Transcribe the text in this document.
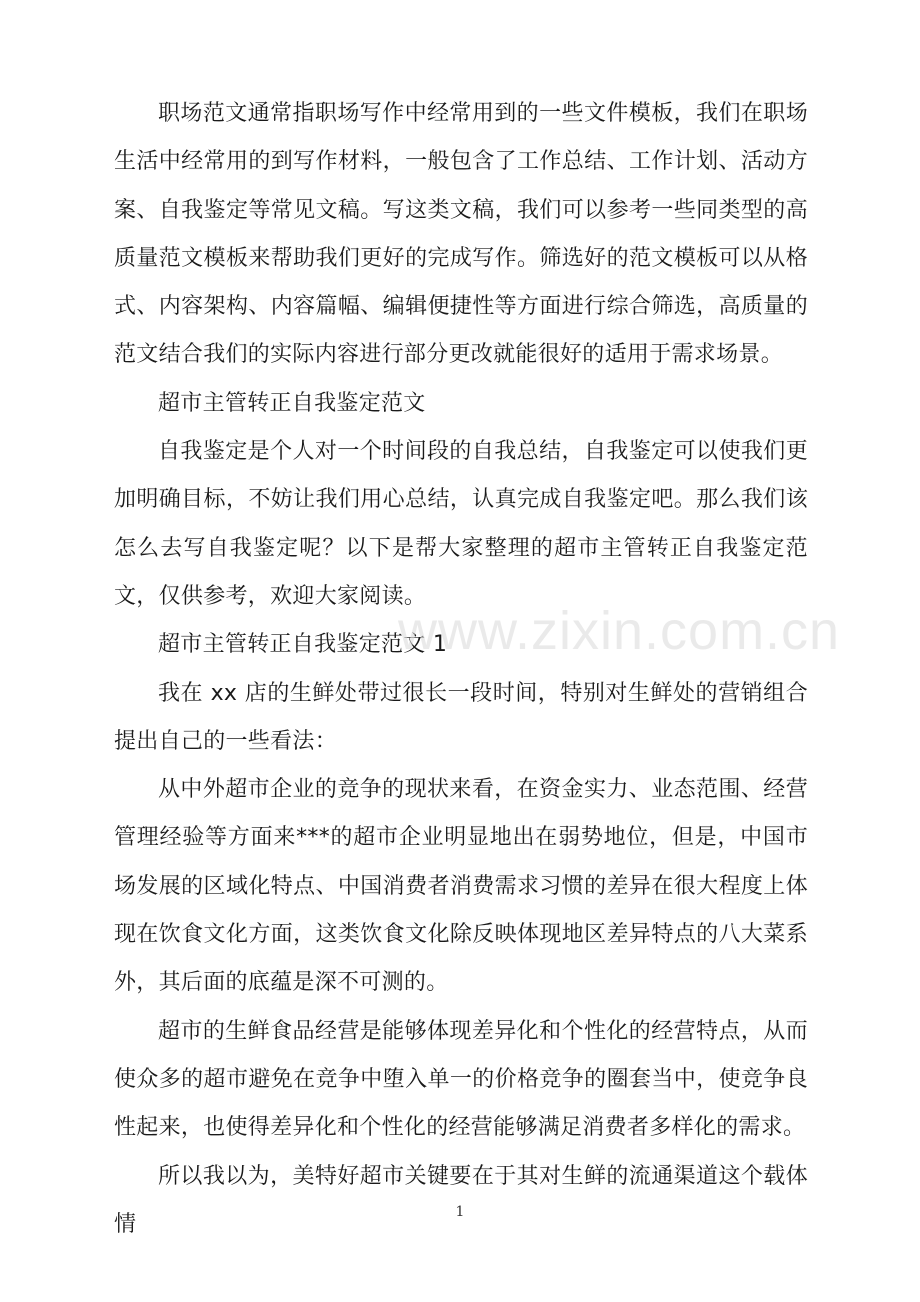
职场范文通常指职场写作中经常用到的一些文件模板，我们在职场生活中经常用的到写作材料，一般包含了工作总结、工作计划、活动方案、自我鉴定等常见文稿。写这类文稿，我们可以参考一些同类型的高质量范文模板来帮助我们更好的完成写作。筛选好的范文模板可以从格式、内容架构、内容篇幅、编辑便捷性等方面进行综合筛选，高质量的范文结合我们的实际内容进行部分更改就能很好的适用于需求场景。

超市主管转正自我鉴定范文

自我鉴定是个人对一个时间段的自我总结，自我鉴定可以使我们更加明确目标，不妨让我们用心总结，认真完成自我鉴定吧。那么我们该怎么去写自我鉴定呢？以下是帮大家整理的超市主管转正自我鉴定范文，仅供参考，欢迎大家阅读。

超市主管转正自我鉴定范文 1

我在 xx 店的生鲜处带过很长一段时间，特别对生鲜处的营销组合提出自己的一些看法：

从中外超市企业的竞争的现状来看，在资金实力、业态范围、经营管理经验等方面来***的超市企业明显地出在弱势地位，但是，中国市场发展的区域化特点、中国消费者消费需求习惯的差异在很大程度上体现在饮食文化方面，这类饮食文化除反映体现地区差异特点的八大菜系外，其后面的底蕴是深不可测的。

超市的生鲜食品经营是能够体现差异化和个性化的经营特点，从而使众多的超市避免在竞争中堕入单一的价格竞争的圈套当中，使竞争良性起来，也使得差异化和个性化的经营能够满足消费者多样化的需求。

所以我以为，美特好超市关键要在于其对生鲜的流通渠道这个载体情

www.zixin.com.cn
1
